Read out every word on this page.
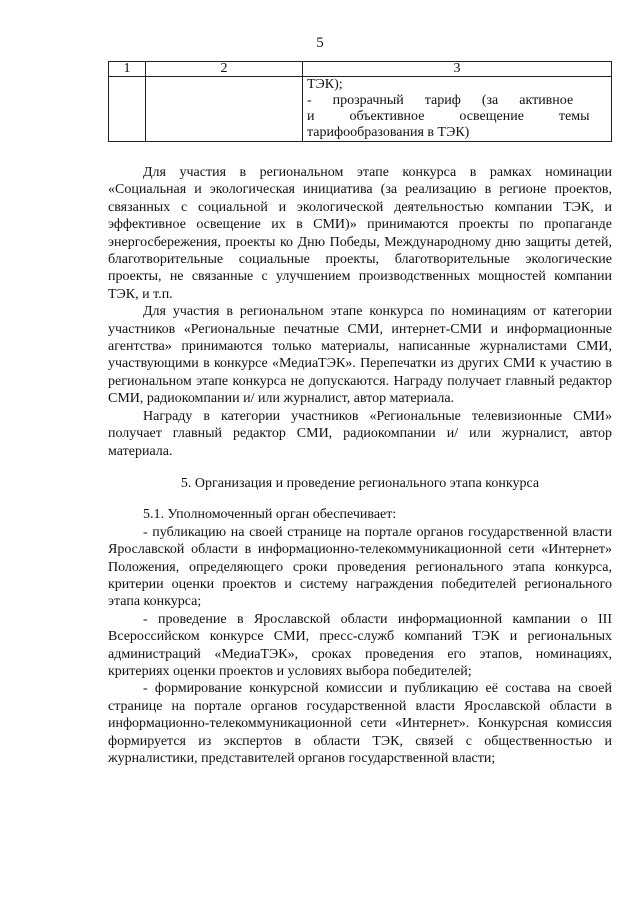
5
1	2	3

		ТЭК);
-      прозрачный      тариф      (за      активное
и          объективное          освещение          темы
тарифообразования в ТЭК)

Для участия в региональном этапе конкурса в рамках номинации «Социальная и экологическая инициатива (за реализацию в регионе проектов, связанных с социальной и экологической деятельностью компании ТЭК, и эффективное освещение их в СМИ)» принимаются проекты по пропаганде энергосбережения, проекты ко Дню Победы, Международному дню защиты детей, благотворительные социальные проекты, благотворительные экологические проекты, не связанные с улучшением производственных мощностей компании ТЭК, и т.п.

Для участия в региональном этапе конкурса по номинациям от категории участников «Региональные печатные СМИ, интернет-СМИ и информационные агентства» принимаются только материалы, написанные журналистами СМИ, участвующими в конкурсе «МедиаТЭК». Перепечатки из других СМИ к участию в региональном этапе конкурса не допускаются. Награду получает главный редактор СМИ, радиокомпании и/ или журналист, автор материала.

Награду в категории участников «Региональные телевизионные СМИ» получает главный редактор СМИ, радиокомпании и/ или журналист, автор материала.

5. Организация и проведение регионального этапа конкурса

5.1. Уполномоченный орган обеспечивает:

- публикацию на своей странице на портале органов государственной власти Ярославской области в информационно-телекоммуникационной сети «Интернет» Положения, определяющего сроки проведения регионального этапа конкурса, критерии оценки проектов и систему награждения победителей регионального этапа конкурса;

- проведение в Ярославской области информационной кампании о III Всероссийском конкурсе СМИ, пресс-служб компаний ТЭК и региональных администраций «МедиаТЭК», сроках проведения его этапов, номинациях, критериях оценки проектов и условиях выбора победителей;

- формирование конкурсной комиссии и публикацию её состава на своей странице на портале органов государственной власти Ярославской области в информационно-телекоммуникационной сети «Интернет». Конкурсная комиссия формируется из экспертов в области ТЭК, связей с общественностью и журналистики, представителей органов государственной власти;
